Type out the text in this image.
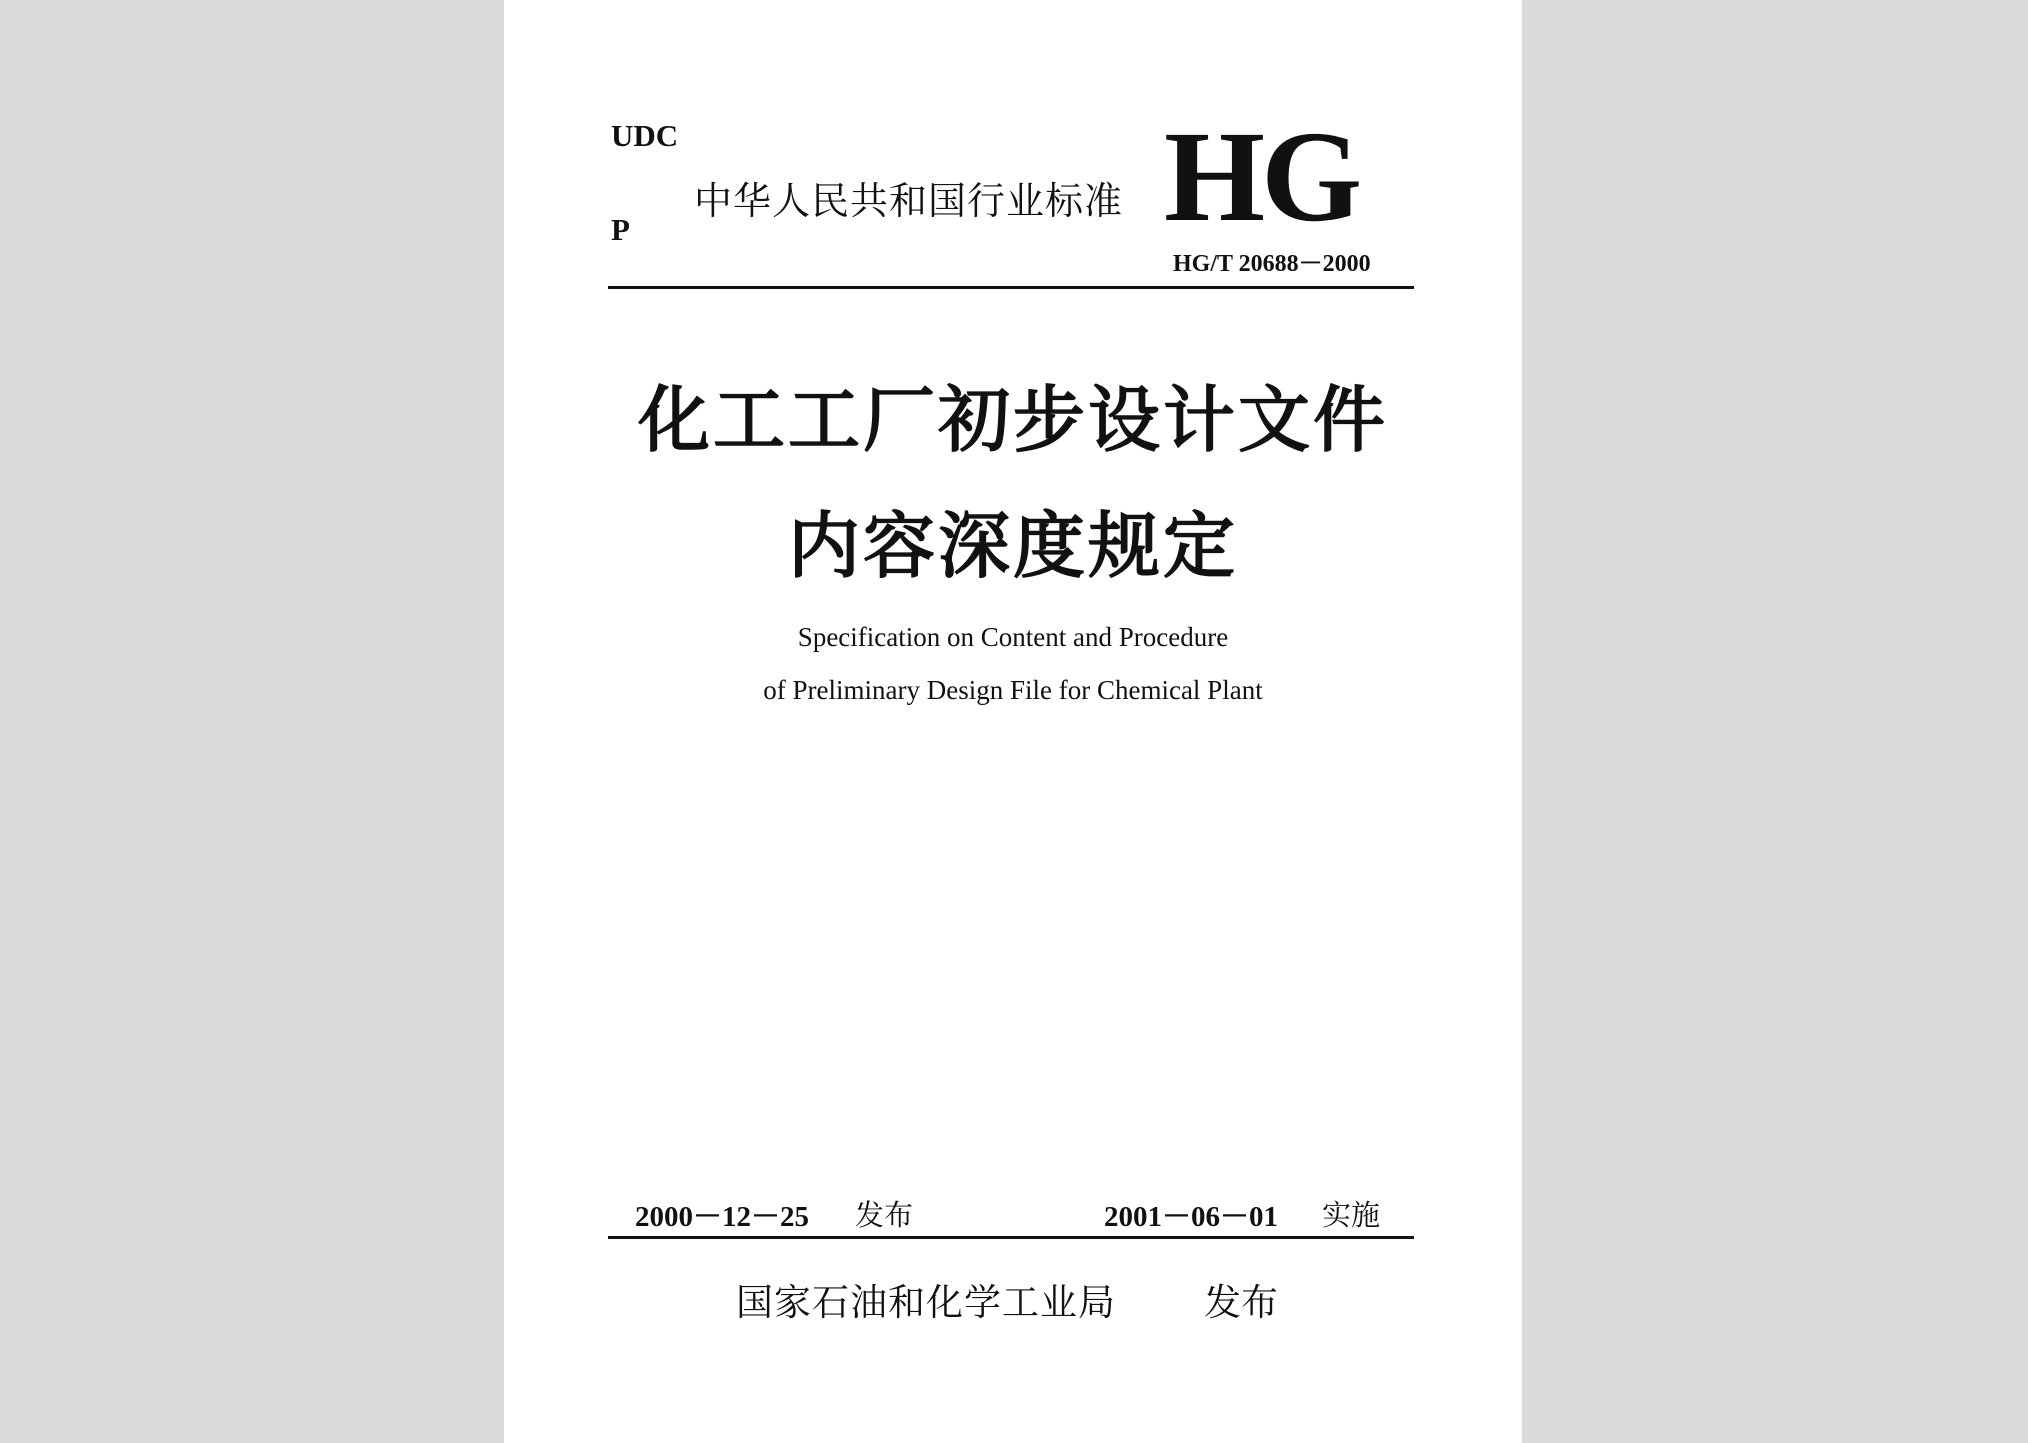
UDC
P
中华人民共和国行业标准 HG
HG/T 20688－2000
化工工厂初步设计文件
内容深度规定
Specification on Content and Procedure
of Preliminary Design File for Chemical Plant
2000－12－25 发布	2001－06－01 实施
国家石油和化学工业局 发布
